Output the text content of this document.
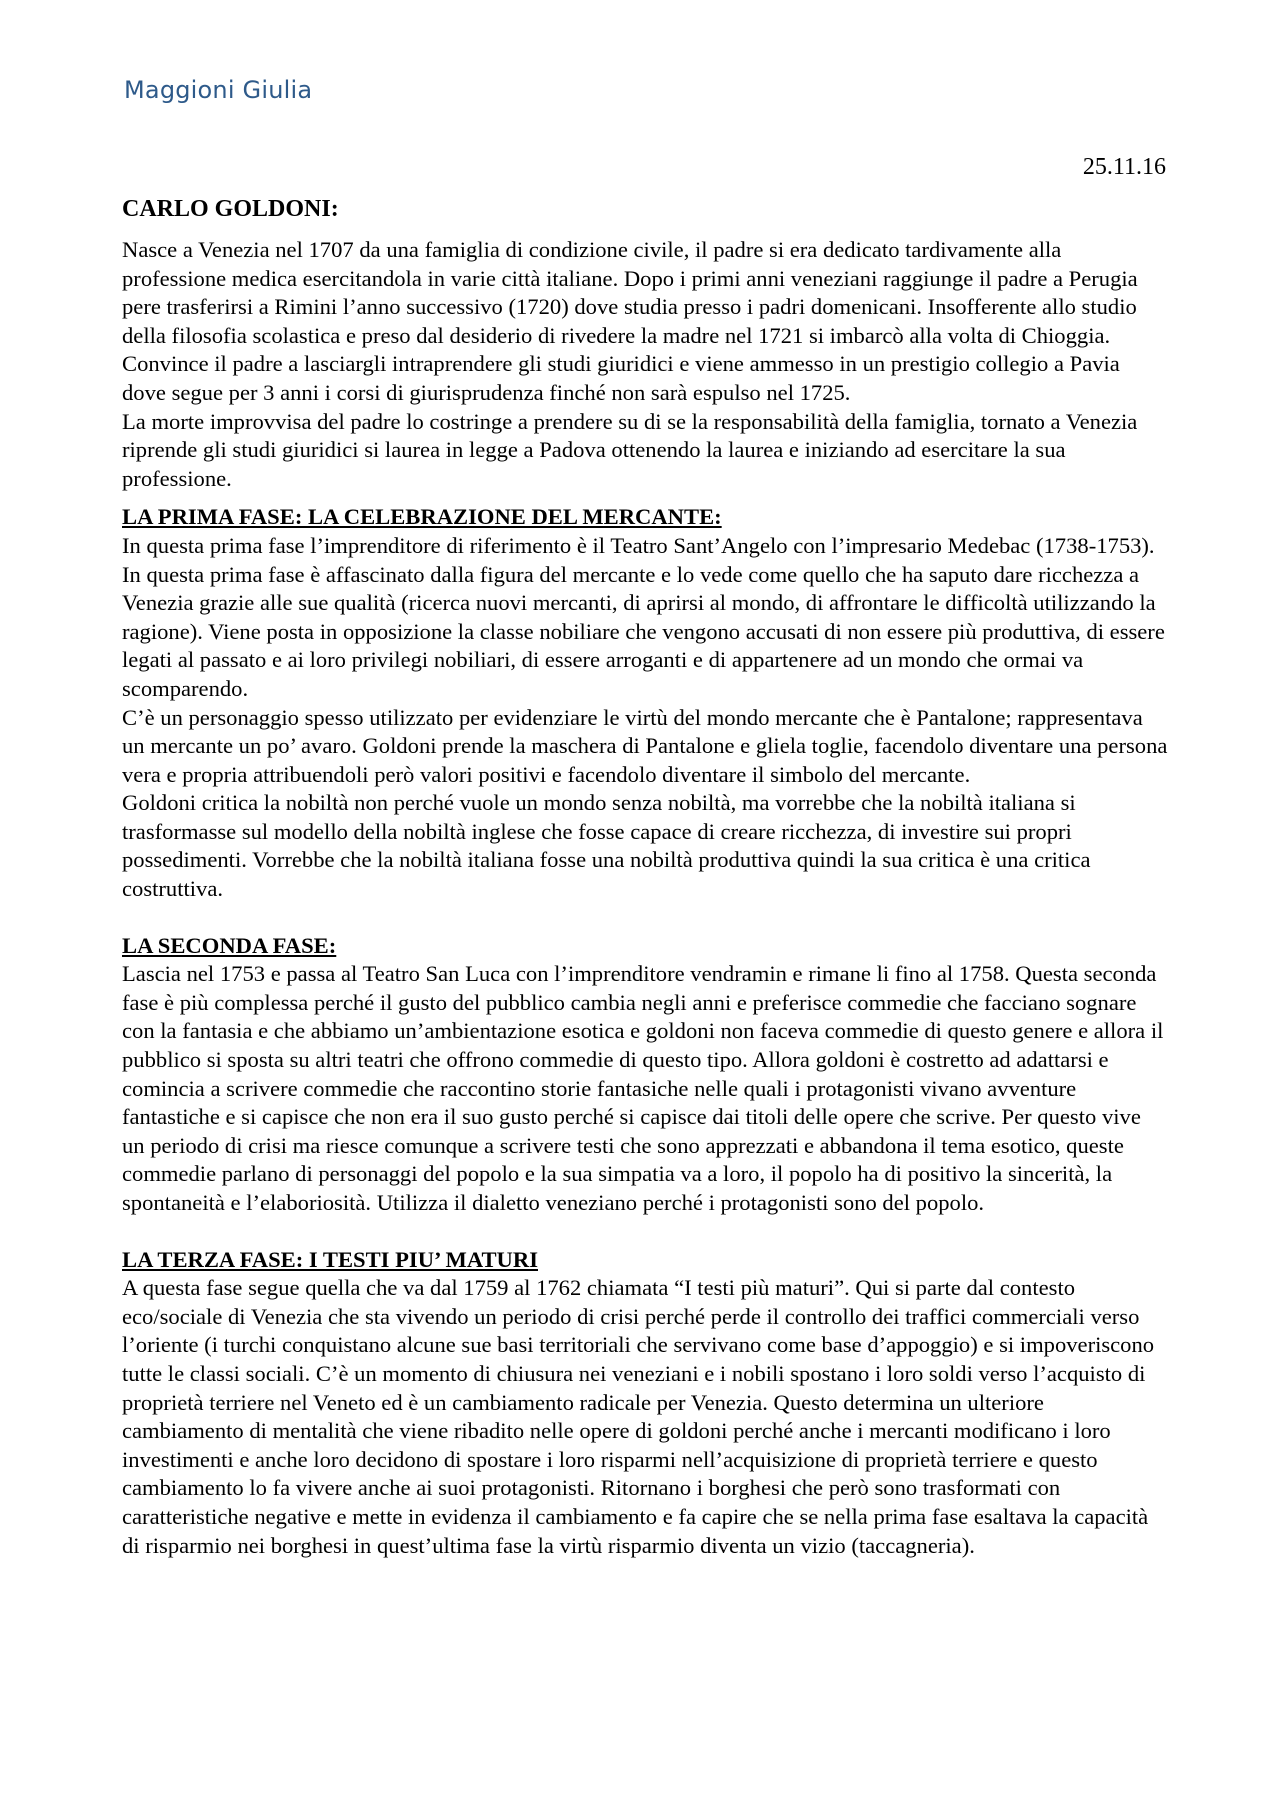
Maggioni Giulia
25.11.16
CARLO GOLDONI:

Nasce a Venezia nel 1707 da una famiglia di condizione civile, il padre si era dedicato tardivamente alla professione medica esercitandola in varie città italiane. Dopo i primi anni veneziani raggiunge il padre a Perugia pere trasferirsi a Rimini l’anno successivo (1720) dove studia presso i padri domenicani. Insofferente allo studio della filosofia scolastica e preso dal desiderio di rivedere la madre nel 1721 si imbarcò alla volta di Chioggia. Convince il padre a lasciargli intraprendere gli studi giuridici e viene ammesso in un prestigio collegio a Pavia dove segue per 3 anni i corsi di giurisprudenza finché non sarà espulso nel 1725.

La morte improvvisa del padre lo costringe a prendere su di se la responsabilità della famiglia, tornato a Venezia riprende gli studi giuridici si laurea in legge a Padova ottenendo la laurea e iniziando ad esercitare la sua professione.

LA PRIMA FASE: LA CELEBRAZIONE DEL MERCANTE:

In questa prima fase l’imprenditore di riferimento è il Teatro Sant’Angelo con l’impresario Medebac (1738-1753). In questa prima fase è affascinato dalla figura del mercante e lo vede come quello che ha saputo dare ricchezza a Venezia grazie alle sue qualità (ricerca nuovi mercanti, di aprirsi al mondo, di affrontare le difficoltà utilizzando la ragione). Viene posta in opposizione la classe nobiliare che vengono accusati di non essere più produttiva, di essere legati al passato e ai loro privilegi nobiliari, di essere arroganti e di appartenere ad un mondo che ormai va scomparendo.

C’è un personaggio spesso utilizzato per evidenziare le virtù del mondo mercante che è Pantalone; rappresentava un mercante un po’ avaro. Goldoni prende la maschera di Pantalone e gliela toglie, facendolo diventare una persona vera e propria attribuendoli però valori positivi e facendolo diventare il simbolo del mercante.

Goldoni critica la nobiltà non perché vuole un mondo senza nobiltà, ma vorrebbe che la nobiltà italiana si trasformasse sul modello della nobiltà inglese che fosse capace di creare ricchezza, di investire sui propri possedimenti. Vorrebbe che la nobiltà italiana fosse una nobiltà produttiva quindi la sua critica è una critica costruttiva.

LA SECONDA FASE:

Lascia nel 1753 e passa al Teatro San Luca con l’imprenditore vendramin e rimane li fino al 1758. Questa seconda fase è più complessa perché il gusto del pubblico cambia negli anni e preferisce commedie che facciano sognare con la fantasia e che abbiamo un’ambientazione esotica e goldoni non faceva commedie di questo genere e allora il pubblico si sposta su altri teatri che offrono commedie di questo tipo. Allora goldoni è costretto ad adattarsi e comincia a scrivere commedie che raccontino storie fantasiche nelle quali i protagonisti vivano avventure fantastiche e si capisce che non era il suo gusto perché si capisce dai titoli delle opere che scrive. Per questo vive un periodo di crisi ma riesce comunque a scrivere testi che sono apprezzati e abbandona il tema esotico, queste commedie parlano di personaggi del popolo e la sua simpatia va a loro, il popolo ha di positivo la sincerità, la spontaneità e l’elaboriosità. Utilizza il dialetto veneziano perché i protagonisti sono del popolo.

LA TERZA FASE: I TESTI PIU’ MATURI

A questa fase segue quella che va dal 1759 al 1762 chiamata “I testi più maturi”. Qui si parte dal contesto eco/sociale di Venezia che sta vivendo un periodo di crisi perché perde il controllo dei traffici commerciali verso l’oriente (i turchi conquistano alcune sue basi territoriali che servivano come base d’appoggio) e si impoveriscono tutte le classi sociali. C’è un momento di chiusura nei veneziani e i nobili spostano i loro soldi verso l’acquisto di proprietà terriere nel Veneto ed è un cambiamento radicale per Venezia. Questo determina un ulteriore cambiamento di mentalità che viene ribadito nelle opere di goldoni perché anche i mercanti modificano i loro investimenti e anche loro decidono di spostare i loro risparmi nell’acquisizione di proprietà terriere e questo cambiamento lo fa vivere anche ai suoi protagonisti. Ritornano i borghesi che però sono trasformati con caratteristiche negative e mette in evidenza il cambiamento e fa capire che se nella prima fase esaltava la capacità di risparmio nei borghesi in quest’ultima fase la virtù risparmio diventa un vizio (taccagneria).
